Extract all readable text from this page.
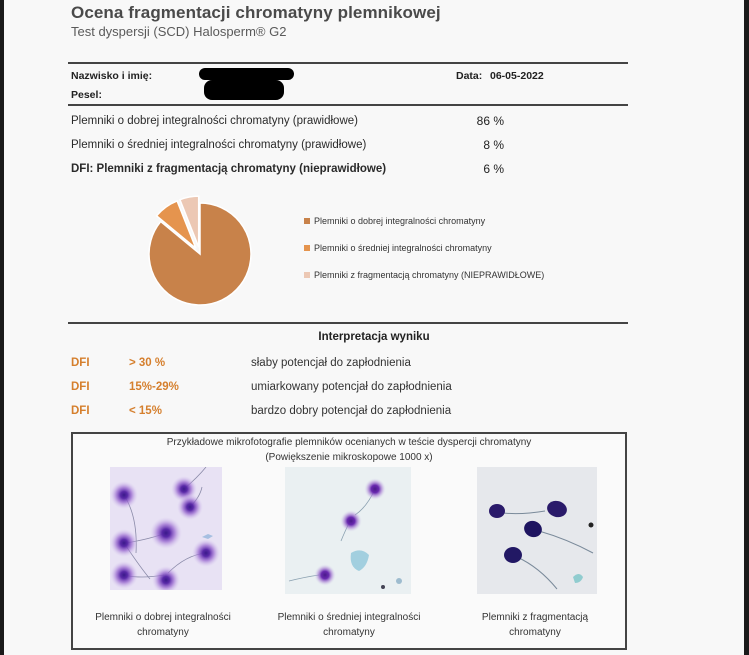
Ocena fragmentacji chromatyny plemnikowej
Test dyspersji (SCD) Halosperm® G2
Nazwisko i imię:
Pesel:
Data: 06-05-2022
Plemniki o dobrej integralności chromatyny (prawidłowe)	86 %
Plemniki o średniej integralności chromatyny (prawidłowe)	8 %
DFI: Plemniki z fragmentacją chromatyny (nieprawidłowe)	6 %
Plemniki o dobrej integralności chromatyny
Plemniki o średniej integralności chromatyny
Plemniki z fragmentacją chromatyny (NIEPRAWIDŁOWE)
Interpretacja wyniku
DFI	> 30 %	słaby potencjał do zapłodnienia
DFI	15%-29%	umiarkowany potencjał do zapłodnienia
DFI	< 15%	bardzo dobry potencjał do zapłodnienia
Przykładowe mikrofotografie plemników ocenianych w teście dyspercji chromatyny
(Powiększenie mikroskopowe 1000 x)
Plemniki o dobrej integralności
chromatyny
Plemniki o średniej integralności
chromatyny
Plemniki z fragmentacją
chromatyny
